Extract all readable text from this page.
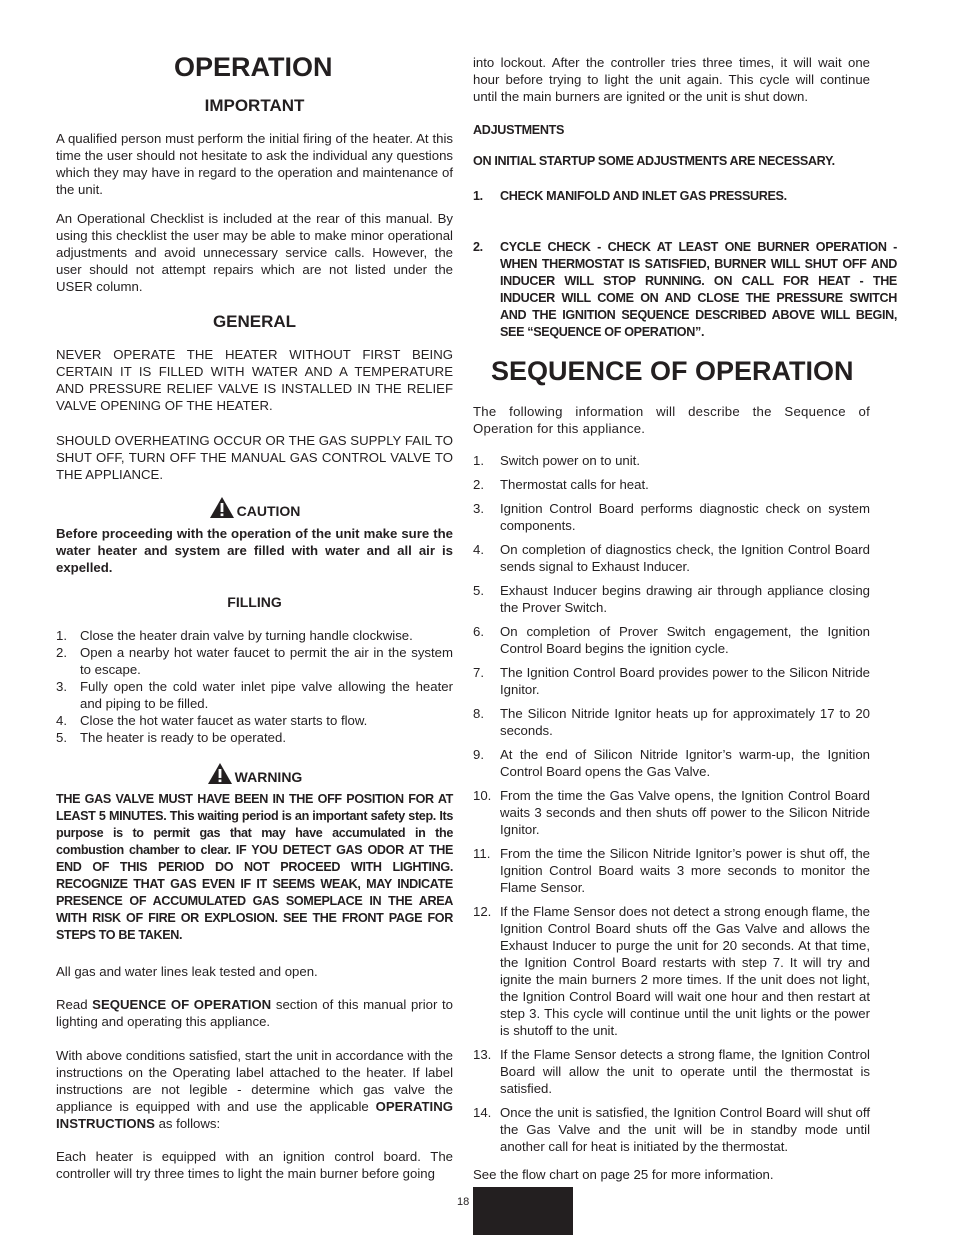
OPERATION
IMPORTANT

A qualified person must perform the initial firing of the heater. At this time the user should not hesitate to ask the individual any questions which they may have in regard to the operation and maintenance of the unit.

An Operational Checklist is included at the rear of this manual. By using this checklist the user may be able to make minor operational adjustments and avoid unnecessary service calls. However, the user should not attempt repairs which are not listed under the USER column.

GENERAL

NEVER OPERATE THE HEATER WITHOUT FIRST BEING CERTAIN IT IS FILLED WITH WATER AND A TEMPERATURE AND PRESSURE RELIEF VALVE IS INSTALLED IN THE RELIEF VALVE OPENING OF THE HEATER.

SHOULD OVERHEATING OCCUR OR THE GAS SUPPLY FAIL TO SHUT OFF, TURN OFF THE MANUAL GAS CONTROL VALVE TO THE APPLIANCE.

CAUTION

Before proceeding with the operation of the unit make sure the water heater and system are filled with water and all air is expelled.

FILLING
1. Close the heater drain valve by turning handle clockwise.
2. Open a nearby hot water faucet to permit the air in the system to escape.
3. Fully open the cold water inlet pipe valve allowing the heater and piping to be filled.
4. Close the hot water faucet as water starts to flow.
5. The heater is ready to be operated.
WARNING

THE GAS VALVE MUST HAVE BEEN IN THE OFF POSITION FOR AT LEAST 5 MINUTES. This waiting period is an important safety step. Its purpose is to permit gas that may have accumulated in the combustion chamber to clear. IF YOU DETECT GAS ODOR AT THE END OF THIS PERIOD DO NOT PROCEED WITH LIGHTING. RECOGNIZE THAT GAS EVEN IF IT SEEMS WEAK, MAY INDICATE PRESENCE OF ACCUMULATED GAS SOMEPLACE IN THE AREA WITH RISK OF FIRE OR EXPLOSION. SEE THE FRONT PAGE FOR STEPS TO BE TAKEN.

All gas and water lines leak tested and open.

Read SEQUENCE OF OPERATION section of this manual prior to lighting and operating this appliance.

With above conditions satisfied, start the unit in accordance with the instructions on the Operating label attached to the heater. If label instructions are not legible - determine which gas valve the appliance is equipped with and use the applicable OPERATING INSTRUCTIONS as follows:

Each heater is equipped with an ignition control board. The controller will try three times to light the main burner before going

into lockout. After the controller tries three times, it will wait one hour before trying to light the unit again. This cycle will continue until the main burners are ignited or the unit is shut down.

ADJUSTMENTS
ON INITIAL STARTUP SOME ADJUSTMENTS ARE NECESSARY.
1. CHECK MANIFOLD AND INLET GAS PRESSURES.
2. CYCLE CHECK - CHECK AT LEAST ONE BURNER OPERATION - WHEN THERMOSTAT IS SATISFIED, BURNER WILL SHUT OFF AND INDUCER WILL STOP RUNNING. ON CALL FOR HEAT - THE INDUCER WILL COME ON AND CLOSE THE PRESSURE SWITCH AND THE IGNITION SEQUENCE DESCRIBED ABOVE WILL BEGIN, SEE “SEQUENCE OF OPERATION”.
SEQUENCE OF OPERATION

The following information will describe the Sequence of Operation for this appliance.

1. Switch power on to unit.
2. Thermostat calls for heat.
3. Ignition Control Board performs diagnostic check on system components.
4. On completion of diagnostics check, the Ignition Control Board sends signal to Exhaust Inducer.
5. Exhaust Inducer begins drawing air through appliance closing the Prover Switch.
6. On completion of Prover Switch engagement, the Ignition Control Board begins the ignition cycle.
7. The Ignition Control Board provides power to the Silicon Nitride Ignitor.
8. The Silicon Nitride Ignitor heats up for approximately 17 to 20 seconds.
9. At the end of Silicon Nitride Ignitor’s warm-up, the Ignition Control Board opens the Gas Valve.
10. From the time the Gas Valve opens, the Ignition Control Board waits 3 seconds and then shuts off power to the Silicon Nitride Ignitor.
11. From the time the Silicon Nitride Ignitor’s power is shut off, the Ignition Control Board waits 3 more seconds to monitor the Flame Sensor.
12. If the Flame Sensor does not detect a strong enough flame, the Ignition Control Board shuts off the Gas Valve and allows the Exhaust Inducer to purge the unit for 20 seconds. At that time, the Ignition Control Board restarts with step 7. It will try and ignite the main burners 2 more times. If the unit does not light, the Ignition Control Board will wait one hour and then restart at step 3. This cycle will continue until the unit lights or the power is shutoff to the unit.
13. If the Flame Sensor detects a strong flame, the Ignition Control Board will allow the unit to operate until the thermostat is satisfied.
14. Once the unit is satisfied, the Ignition Control Board will shut off the Gas Valve and the unit will be in standby mode until another call for heat is initiated by the thermostat.

See the flow chart on page 25 for more information.

18
